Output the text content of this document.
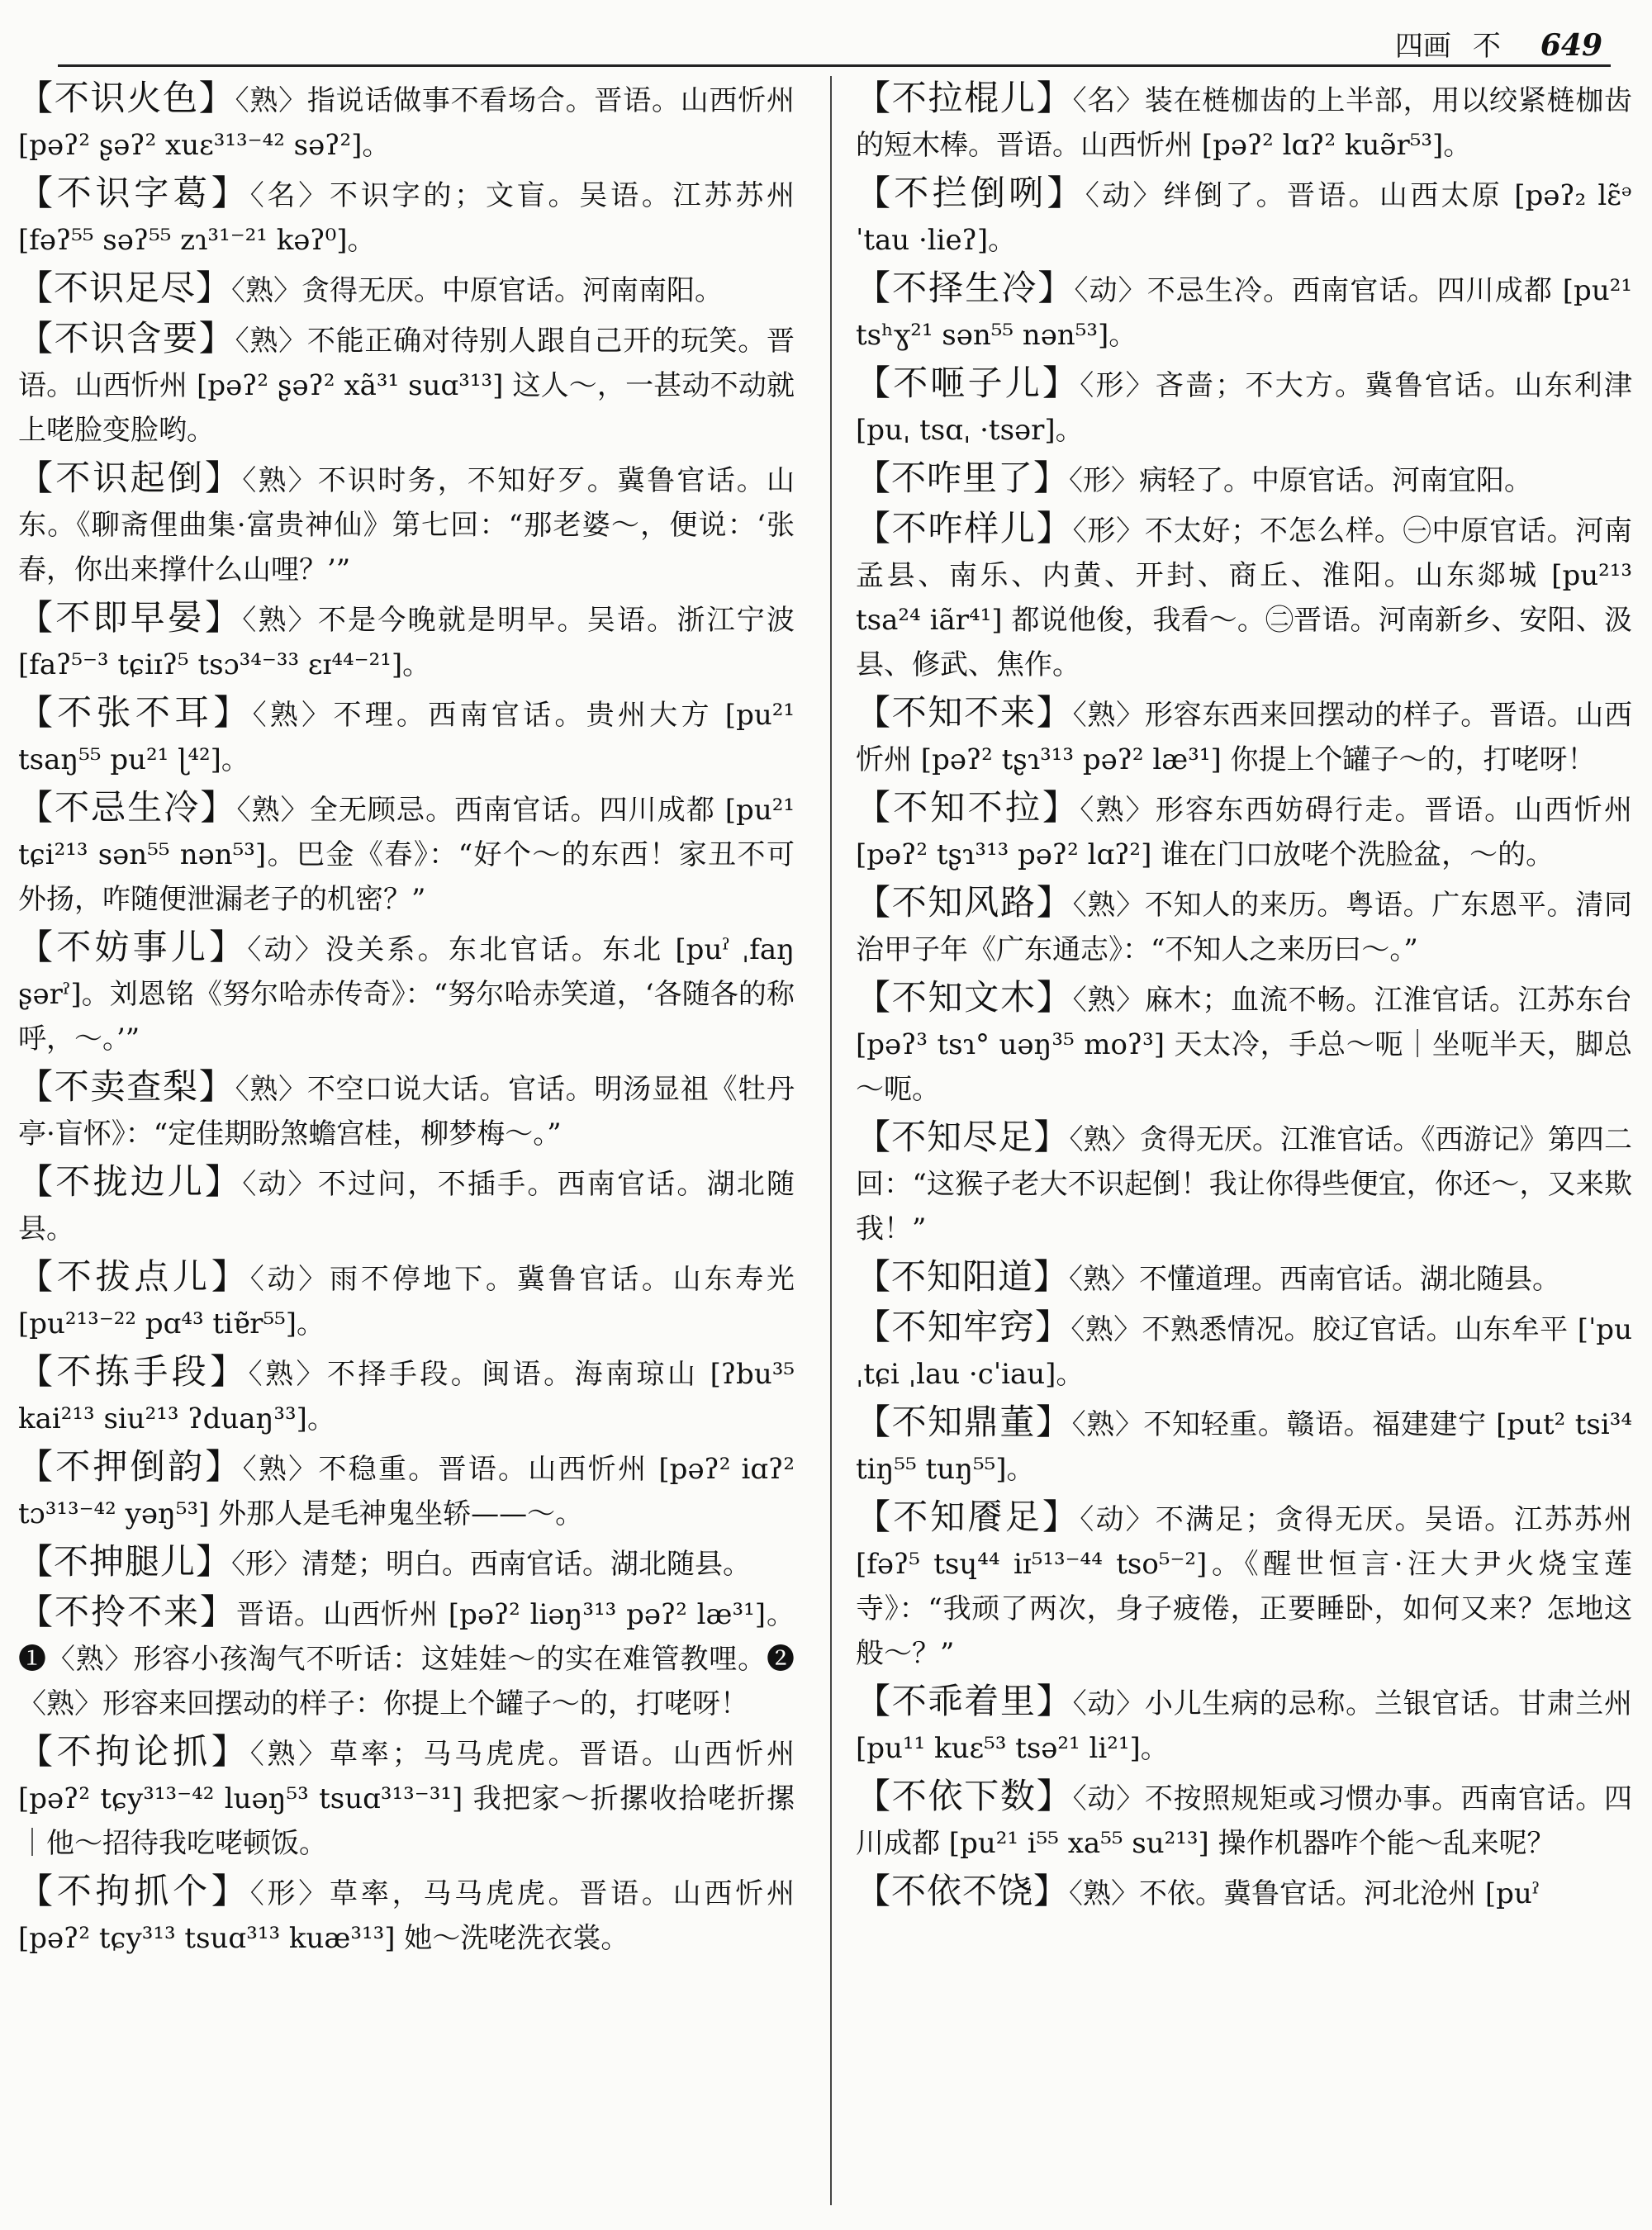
四画 不 649
【不识火色】〈熟〉指说话做事不看场合。晋语。山西忻州 [pəʔ² ʂəʔ² xuɛ³¹³⁻⁴² səʔ²]。
【不识字葛】〈名〉不识字的；文盲。吴语。江苏苏州 [fəʔ⁵⁵ səʔ⁵⁵ zɿ³¹⁻²¹ kəʔ⁰]。
【不识足尽】〈熟〉贪得无厌。中原官话。河南南阳。
【不识含要】〈熟〉不能正确对待别人跟自己开的玩笑。晋语。山西忻州 [pəʔ² ʂəʔ² xã³¹ suɑ³¹³] 这人～，一甚动不动就上咾脸变脸哟。
【不识起倒】〈熟〉不识时务，不知好歹。冀鲁官话。山东。《聊斋俚曲集·富贵神仙》第七回：“那老婆～，便说：‘张春，你出来撑什么山哩？’”
【不即早晏】〈熟〉不是今晚就是明早。吴语。浙江宁波 [faʔ⁵⁻³ tɕiɪʔ⁵ tsɔ³⁴⁻³³ ɛɪ⁴⁴⁻²¹]。
【不张不耳】〈熟〉不理。西南官话。贵州大方 [pu²¹ tsaŋ⁵⁵ pu²¹ ɭ⁴²]。
【不忌生冷】〈熟〉全无顾忌。西南官话。四川成都 [pu²¹ tɕi²¹³ sən⁵⁵ nən⁵³]。巴金《春》：“好个～的东西！家丑不可外扬，咋随便泄漏老子的机密？”
【不妨事儿】〈动〉没关系。东北官话。东北 [puˀ ˌfaŋ ʂərˀ]。刘恩铭《努尔哈赤传奇》：“努尔哈赤笑道，‘各随各的称呼，～。’”
【不卖查梨】〈熟〉不空口说大话。官话。明汤显祖《牡丹亭·盲怀》：“定佳期盼煞蟾宫桂，柳梦梅～。”
【不拢边儿】〈动〉不过问，不插手。西南官话。湖北随县。
【不拔点儿】〈动〉雨不停地下。冀鲁官话。山东寿光 [pu²¹³⁻²² pɑ⁴³ tiɐ̃r⁵⁵]。
【不拣手段】〈熟〉不择手段。闽语。海南琼山 [ʔbu³⁵ kai²¹³ siu²¹³ ʔduaŋ³³]。
【不押倒韵】〈熟〉不稳重。晋语。山西忻州 [pəʔ² iɑʔ² tɔ³¹³⁻⁴² yəŋ⁵³] 外那人是毛神鬼坐轿——～。
【不抻腿儿】〈形〉清楚；明白。西南官话。湖北随县。
【不拎不来】晋语。山西忻州 [pəʔ² liəŋ³¹³ pəʔ² læ³¹]。❶〈熟〉形容小孩淘气不听话：这娃娃～的实在难管教哩。❷〈熟〉形容来回摆动的样子：你提上个罐子～的，打咾呀！
【不拘论抓】〈熟〉草率；马马虎虎。晋语。山西忻州 [pəʔ² tɕy³¹³⁻⁴² luəŋ⁵³ tsuɑ³¹³⁻³¹] 我把家～折摞收拾咾折摞｜他～招待我吃咾顿饭。
【不拘抓个】〈形〉草率，马马虎虎。晋语。山西忻州 [pəʔ² tɕy³¹³ tsuɑ³¹³ kuæ³¹³] 她～洗咾洗衣裳。
【不拉棍儿】〈名〉装在梿枷齿的上半部，用以绞紧梿枷齿的短木棒。晋语。山西忻州 [pəʔ² lɑʔ² kuə̃r⁵³]。
【不拦倒咧】〈动〉绊倒了。晋语。山西太原 [pəʔ₂ lɛ̃ᵊ ˈtau ·lieʔ]。
【不择生冷】〈动〉不忌生冷。西南官话。四川成都 [pu²¹ tsʰɣ²¹ sən⁵⁵ nən⁵³]。
【不咂子儿】〈形〉吝啬；不大方。冀鲁官话。山东利津 [puˌ tsɑˌ ·tsər]。
【不咋里了】〈形〉病轻了。中原官话。河南宜阳。
【不咋样儿】〈形〉不太好；不怎么样。㊀中原官话。河南孟县、南乐、内黄、开封、商丘、淮阳。山东郯城 [pu²¹³ tsa²⁴ iãr⁴¹] 都说他俊，我看～。㊁晋语。河南新乡、安阳、汲县、修武、焦作。
【不知不来】〈熟〉形容东西来回摆动的样子。晋语。山西忻州 [pəʔ² tʂɿ³¹³ pəʔ² læ³¹] 你提上个罐子～的，打咾呀！
【不知不拉】〈熟〉形容东西妨碍行走。晋语。山西忻州 [pəʔ² tʂɿ³¹³ pəʔ² lɑʔ²] 谁在门口放咾个洗脸盆，～的。
【不知风路】〈熟〉不知人的来历。粤语。广东恩平。清同治甲子年《广东通志》：“不知人之来历曰～。”
【不知文木】〈熟〉麻木；血流不畅。江淮官话。江苏东台 [pəʔ³ tsɿ° uəŋ³⁵ moʔ³] 天太冷，手总～呃｜坐呃半天，脚总～呃。
【不知尽足】〈熟〉贪得无厌。江淮官话。《西游记》第四二回：“这猴子老大不识起倒！我让你得些便宜，你还～，又来欺我！”
【不知阳道】〈熟〉不懂道理。西南官话。湖北随县。
【不知牢窍】〈熟〉不熟悉情况。胶辽官话。山东牟平 [ˈpu ˌtɕi ˌlau ·cˈiau]。
【不知鼎董】〈熟〉不知轻重。赣语。福建建宁 [put² tsi³⁴ tiŋ⁵⁵ tuŋ⁵⁵]。
【不知餍足】〈动〉不满足；贪得无厌。吴语。江苏苏州 [fəʔ⁵ tsɥ⁴⁴ iɪ⁵¹³⁻⁴⁴ tso⁵⁻²]。《醒世恒言·汪大尹火烧宝莲寺》：“我顽了两次，身子疲倦，正要睡卧，如何又来？怎地这般～？”
【不乖着里】〈动〉小儿生病的忌称。兰银官话。甘肃兰州 [pu¹¹ kuɛ⁵³ tsə²¹ li²¹]。
【不依下数】〈动〉不按照规矩或习惯办事。西南官话。四川成都 [pu²¹ i⁵⁵ xa⁵⁵ su²¹³] 操作机器咋个能～乱来呢？
【不依不饶】〈熟〉不依。冀鲁官话。河北沧州 [puˀ
